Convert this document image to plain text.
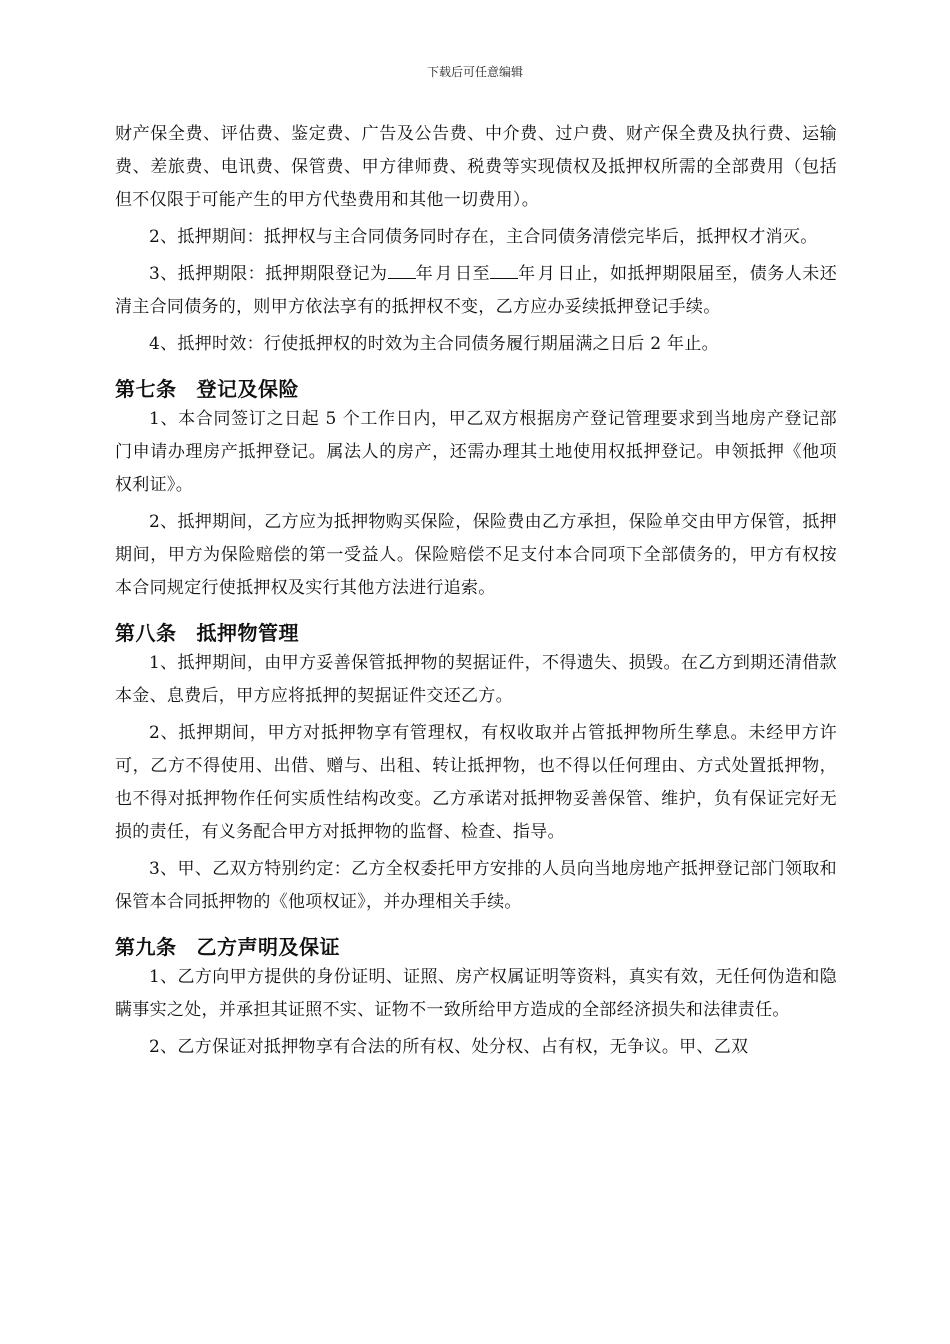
下载后可任意编辑

财产保全费、评估费、鉴定费、广告及公告费、中介费、过户费、财产保全费及执行费、运输费、差旅费、电讯费、保管费、甲方律师费、税费等实现债权及抵押权所需的全部费用（包括但不仅限于可能产生的甲方代垫费用和其他一切费用）。

2、抵押期间：抵押权与主合同债务同时存在，主合同债务清偿完毕后，抵押权才消灭。

3、抵押期限：抵押期限登记为 年 月 日至 年 月 日止，如抵押期限届至，债务人未还清主合同债务的，则甲方依法享有的抵押权不变，乙方应办妥续抵押登记手续。

4、抵押时效：行使抵押权的时效为主合同债务履行期届满之日后 2 年止。

第七条 登记及保险

1、本合同签订之日起 5 个工作日内，甲乙双方根据房产登记管理要求到当地房产登记部门申请办理房产抵押登记。属法人的房产，还需办理其土地使用权抵押登记。申领抵押《他项权利证》。

2、抵押期间，乙方应为抵押物购买保险，保险费由乙方承担，保险单交由甲方保管，抵押期间，甲方为保险赔偿的第一受益人。保险赔偿不足支付本合同项下全部债务的，甲方有权按本合同规定行使抵押权及实行其他方法进行追索。

第八条 抵押物管理

1、抵押期间，由甲方妥善保管抵押物的契据证件，不得遗失、损毁。在乙方到期还清借款本金、息费后，甲方应将抵押的契据证件交还乙方。

2、抵押期间，甲方对抵押物享有管理权，有权收取并占管抵押物所生孳息。未经甲方许可，乙方不得使用、出借、赠与、出租、转让抵押物，也不得以任何理由、方式处置抵押物，也不得对抵押物作任何实质性结构改变。乙方承诺对抵押物妥善保管、维护，负有保证完好无损的责任，有义务配合甲方对抵押物的监督、检查、指导。

3、甲、乙双方特别约定：乙方全权委托甲方安排的人员向当地房地产抵押登记部门领取和保管本合同抵押物的《他项权证》，并办理相关手续。

第九条 乙方声明及保证

1、乙方向甲方提供的身份证明、证照、房产权属证明等资料，真实有效，无任何伪造和隐瞒事实之处，并承担其证照不实、证物不一致所给甲方造成的全部经济损失和法律责任。

2、乙方保证对抵押物享有合法的所有权、处分权、占有权，无争议。甲、乙双
